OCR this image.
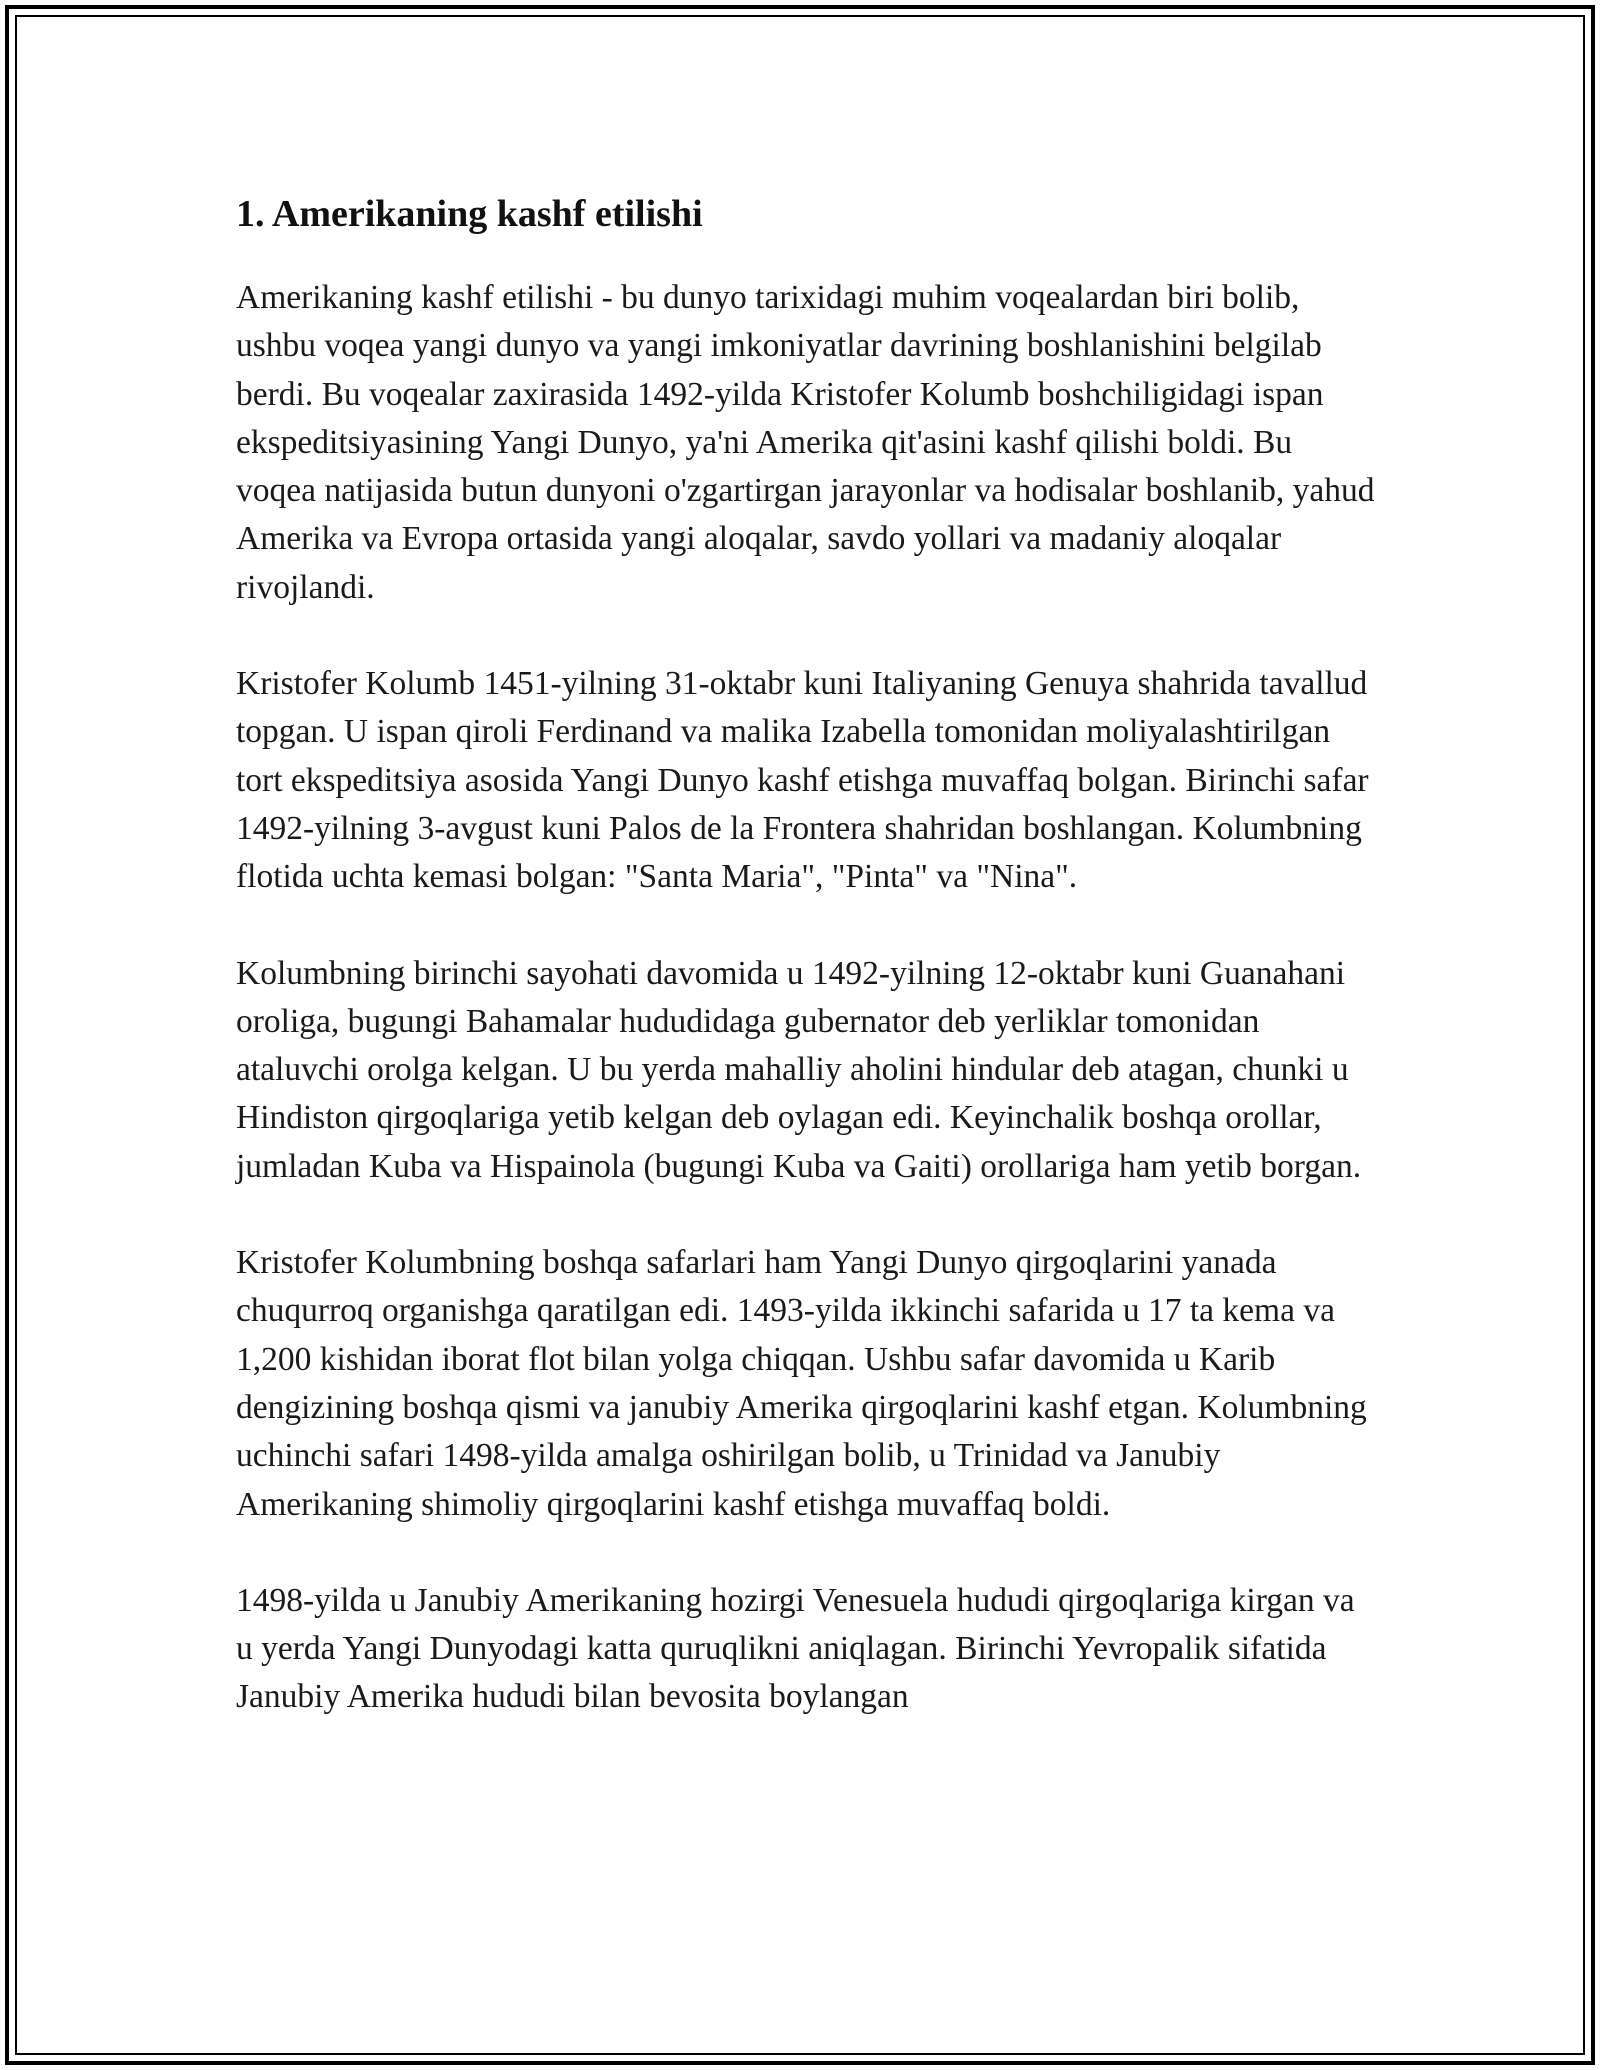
1. Amerikaning kashf etilishi

Amerikaning kashf etilishi - bu dunyo tarixidagi muhim voqealardan biri bolib, ushbu voqea yangi dunyo va yangi imkoniyatlar davrining boshlanishini belgilab berdi. Bu voqealar zaxirasida 1492-yilda Kristofer Kolumb boshchiligidagi ispan ekspeditsiyasining Yangi Dunyo, ya'ni Amerika qit'asini kashf qilishi boldi. Bu voqea natijasida butun dunyoni o'zgartirgan jarayonlar va hodisalar boshlanib, yahud Amerika va Evropa ortasida yangi aloqalar, savdo yollari va madaniy aloqalar rivojlandi.

Kristofer Kolumb 1451-yilning 31-oktabr kuni Italiyaning Genuya shahrida tavallud topgan. U ispan qiroli Ferdinand va malika Izabella tomonidan moliyalashtirilgan tort ekspeditsiya asosida Yangi Dunyo kashf etishga muvaffaq bolgan. Birinchi safar 1492-yilning 3-avgust kuni Palos de la Frontera shahridan boshlangan. Kolumbning flotida uchta kemasi bolgan: "Santa Maria", "Pinta" va "Nina".

Kolumbning birinchi sayohati davomida u 1492-yilning 12-oktabr kuni Guanahani oroliga, bugungi Bahamalar hududidaga gubernator deb yerliklar tomonidan ataluvchi orolga kelgan. U bu yerda mahalliy aholini hindular deb atagan, chunki u Hindiston qirgoqlariga yetib kelgan deb oylagan edi. Keyinchalik boshqa orollar, jumladan Kuba va Hispainola (bugungi Kuba va Gaiti) orollariga ham yetib borgan.

Kristofer Kolumbning boshqa safarlari ham Yangi Dunyo qirgoqlarini yanada chuqurroq organishga qaratilgan edi. 1493-yilda ikkinchi safarida u 17 ta kema va 1,200 kishidan iborat flot bilan yolga chiqqan. Ushbu safar davomida u Karib dengizining boshqa qismi va janubiy Amerika qirgoqlarini kashf etgan. Kolumbning uchinchi safari 1498-yilda amalga oshirilgan bolib, u Trinidad va Janubiy Amerikaning shimoliy qirgoqlarini kashf etishga muvaffaq boldi.

1498-yilda u Janubiy Amerikaning hozirgi Venesuela hududi qirgoqlariga kirgan va u yerda Yangi Dunyodagi katta quruqlikni aniqlagan. Birinchi Yevropalik sifatida Janubiy Amerika hududi bilan bevosita boylangan
